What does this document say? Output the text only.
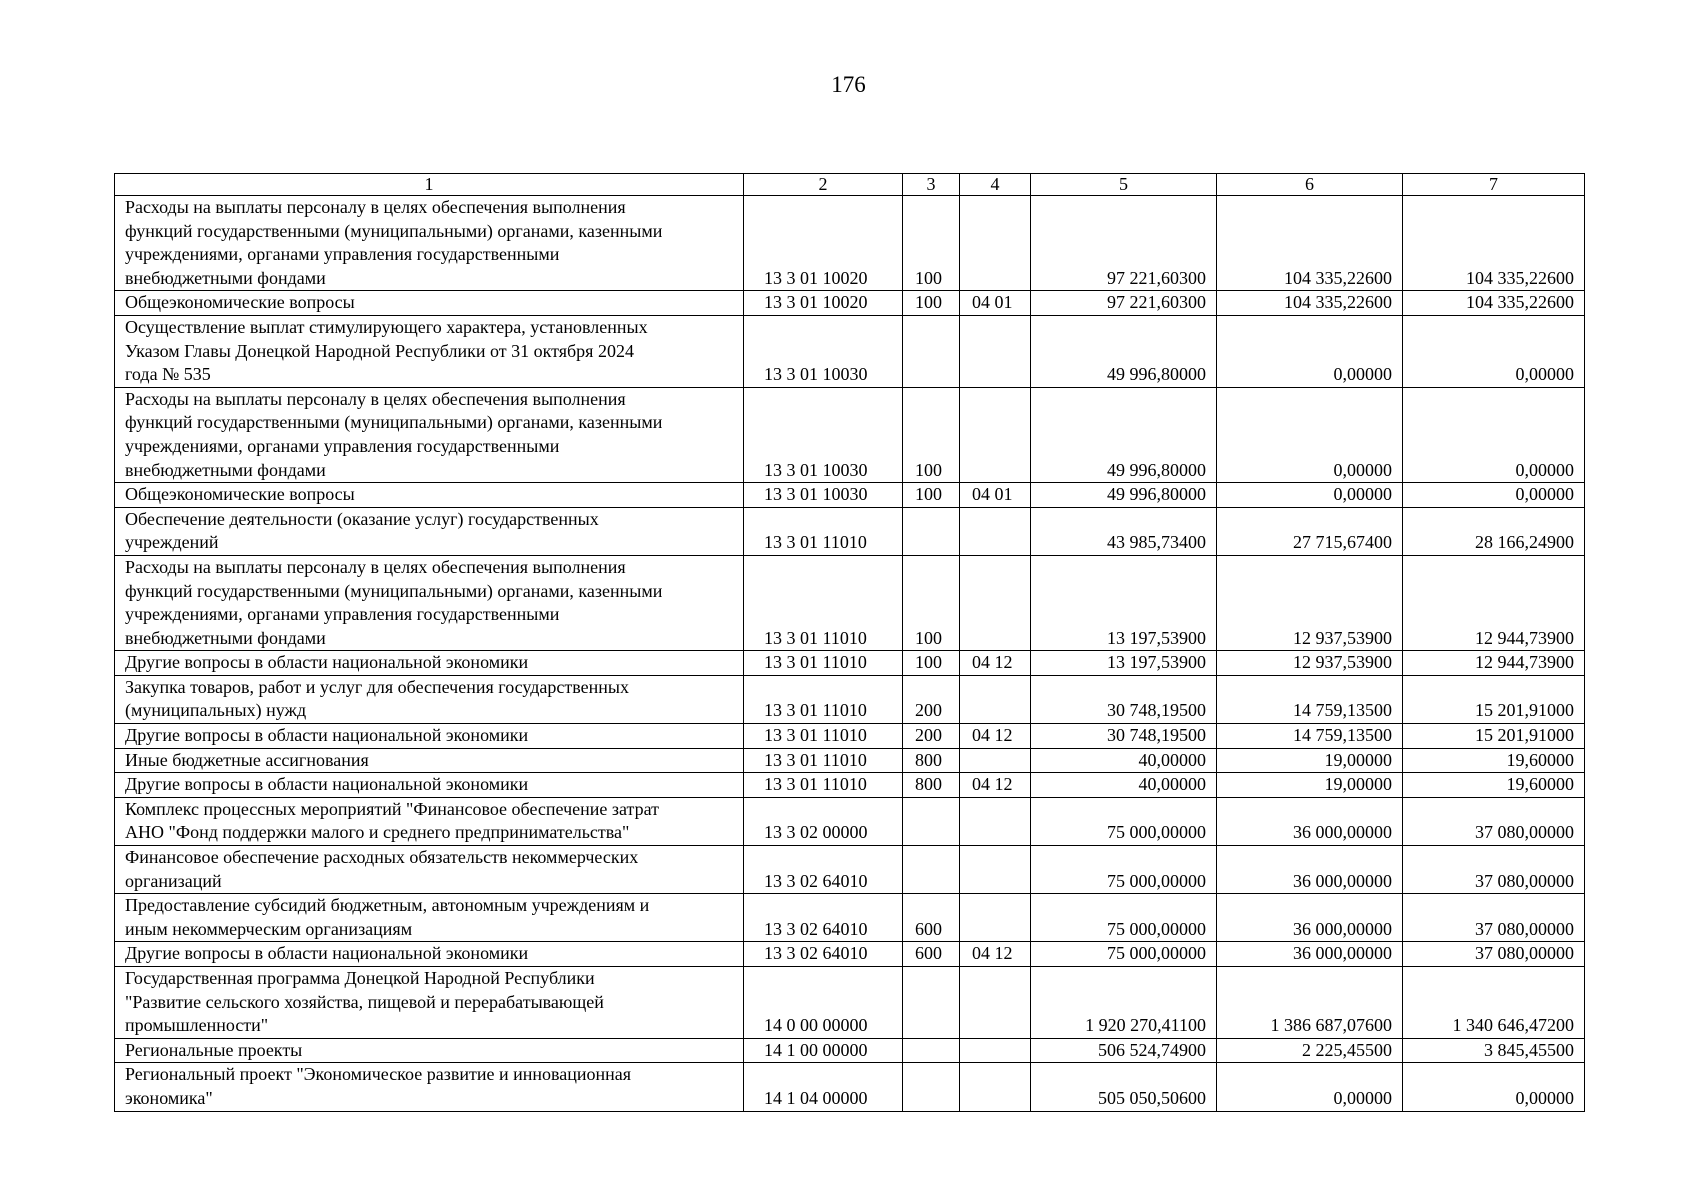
176
1	2	3	4	5	6	7
Расходы на выплаты персоналу в целях обеспечения выполнения
функций государственными (муниципальными) органами, казенными
учреждениями, органами управления государственными
внебюджетными фондами	13 3 01 10020	100		97 221,60300	104 335,22600	104 335,22600
Общеэкономические вопросы	13 3 01 10020	100	04 01	97 221,60300	104 335,22600	104 335,22600
Осуществление выплат стимулирующего характера, установленных
Указом Главы Донецкой Народной Республики от 31 октября 2024
года № 535	13 3 01 10030			49 996,80000	0,00000	0,00000
Расходы на выплаты персоналу в целях обеспечения выполнения
функций государственными (муниципальными) органами, казенными
учреждениями, органами управления государственными
внебюджетными фондами	13 3 01 10030	100		49 996,80000	0,00000	0,00000
Общеэкономические вопросы	13 3 01 10030	100	04 01	49 996,80000	0,00000	0,00000
Обеспечение деятельности (оказание услуг) государственных
учреждений	13 3 01 11010			43 985,73400	27 715,67400	28 166,24900
Расходы на выплаты персоналу в целях обеспечения выполнения
функций государственными (муниципальными) органами, казенными
учреждениями, органами управления государственными
внебюджетными фондами	13 3 01 11010	100		13 197,53900	12 937,53900	12 944,73900
Другие вопросы в области национальной экономики	13 3 01 11010	100	04 12	13 197,53900	12 937,53900	12 944,73900
Закупка товаров, работ и услуг для обеспечения государственных
(муниципальных) нужд	13 3 01 11010	200		30 748,19500	14 759,13500	15 201,91000
Другие вопросы в области национальной экономики	13 3 01 11010	200	04 12	30 748,19500	14 759,13500	15 201,91000
Иные бюджетные ассигнования	13 3 01 11010	800		40,00000	19,00000	19,60000
Другие вопросы в области национальной экономики	13 3 01 11010	800	04 12	40,00000	19,00000	19,60000
Комплекс процессных мероприятий "Финансовое обеспечение затрат
АНО "Фонд поддержки малого и среднего предпринимательства"	13 3 02 00000			75 000,00000	36 000,00000	37 080,00000
Финансовое обеспечение расходных обязательств некоммерческих
организаций	13 3 02 64010			75 000,00000	36 000,00000	37 080,00000
Предоставление субсидий бюджетным, автономным учреждениям и
иным некоммерческим организациям	13 3 02 64010	600		75 000,00000	36 000,00000	37 080,00000
Другие вопросы в области национальной экономики	13 3 02 64010	600	04 12	75 000,00000	36 000,00000	37 080,00000
Государственная программа Донецкой Народной Республики
"Развитие сельского хозяйства, пищевой и перерабатывающей
промышленности"	14 0 00 00000			1 920 270,41100	1 386 687,07600	1 340 646,47200
Региональные проекты	14 1 00 00000			506 524,74900	2 225,45500	3 845,45500
Региональный проект "Экономическое развитие и инновационная
экономика"	14 1 04 00000			505 050,50600	0,00000	0,00000
